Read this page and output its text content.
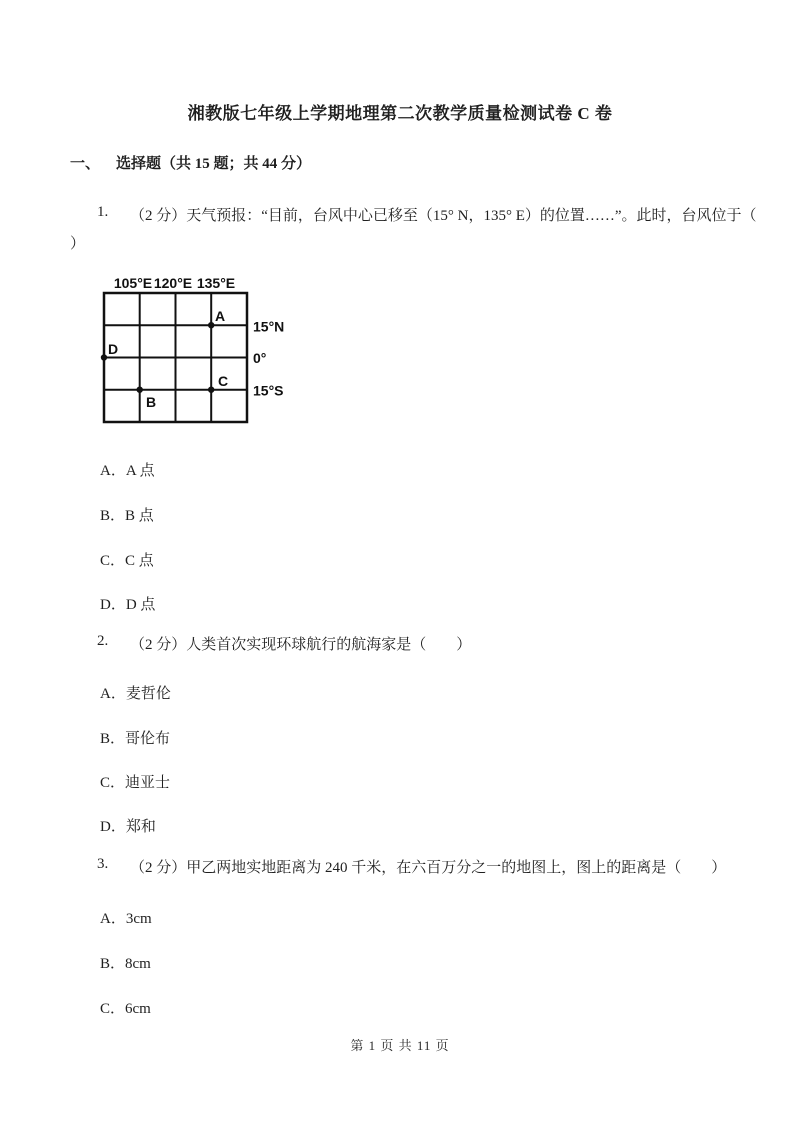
湘教版七年级上学期地理第二次教学质量检测试卷 C 卷
一、 选择题（共 15 题；共 44 分）
1.	（2 分）天气预报：“目前，台风中心已移至（15° N，135° E）的位置……”。此时，台风位于（
）
105°E 120°E 135°E
15°N
0°
15°S
A
B
C
D
A．A 点
B．B 点
C．C 点
D．D 点
2.	（2 分）人类首次实现环球航行的航海家是（　　）
A．麦哲伦
B．哥伦布
C．迪亚士
D．郑和
3.	（2 分）甲乙两地实地距离为 240 千米，在六百万分之一的地图上，图上的距离是（　　）
A．3cm
B．8cm
C．6cm
第 1 页 共 11 页
